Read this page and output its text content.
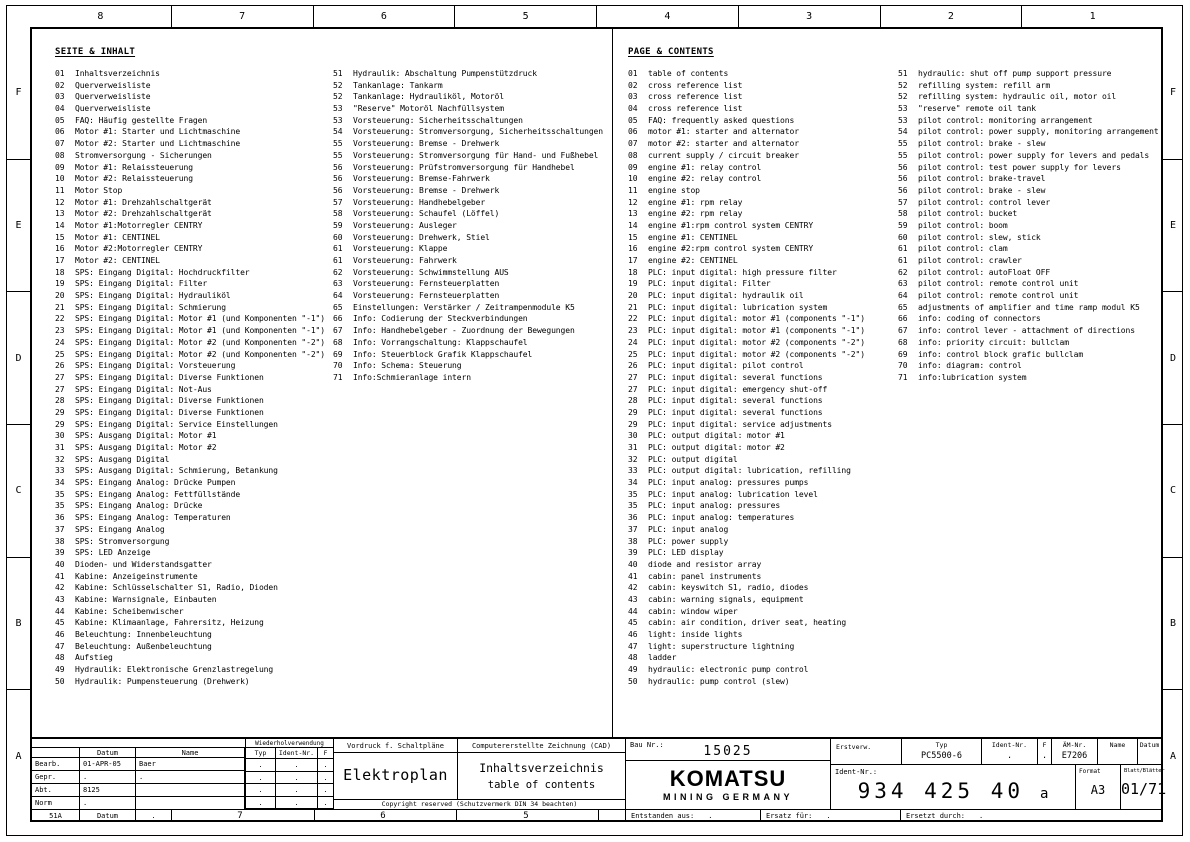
8	7	6	5	4	3	2	1
F
E
D
C
B
A
F
E
D
C
B
A
SEITE & INHALT
01	Inhaltsverzeichnis
02	Querverweisliste
03	Querverweisliste
04	Querverweisliste
05	FAQ: Häufig gestellte Fragen
06	Motor #1: Starter und Lichtmaschine
07	Motor #2: Starter und Lichtmaschine
08	Stromversorgung - Sicherungen
09	Motor #1: Relaissteuerung
10	Motor #2: Relaissteuerung
11	Motor Stop
12	Motor #1: Drehzahlschaltgerät
13	Motor #2: Drehzahlschaltgerät
14	Motor #1:Motorregler CENTRY
15	Motor #1: CENTINEL
16	Motor #2:Motorregler CENTRY
17	Motor #2: CENTINEL
18	SPS: Eingang Digital: Hochdruckfilter
19	SPS: Eingang Digital: Filter
20	SPS: Eingang Digital: Hydrauliköl
21	SPS: Eingang Digital: Schmierung
22	SPS: Eingang Digital: Motor #1 (und Komponenten "-1")
23	SPS: Eingang Digital: Motor #1 (und Komponenten "-1")
24	SPS: Eingang Digital: Motor #2 (und Komponenten "-2")
25	SPS: Eingang Digital: Motor #2 (und Komponenten "-2")
26	SPS: Eingang Digital: Vorsteuerung
27	SPS: Eingang Digital: Diverse Funktionen
27	SPS: Eingang Digital: Not-Aus
28	SPS: Eingang Digital: Diverse Funktionen
29	SPS: Eingang Digital: Diverse Funktionen
29	SPS: Eingang Digital: Service Einstellungen
30	SPS: Ausgang Digital: Motor #1
31	SPS: Ausgang Digital: Motor #2
32	SPS: Ausgang Digital
33	SPS: Ausgang Digital: Schmierung, Betankung
34	SPS: Eingang Analog: Drücke Pumpen
35	SPS: Eingang Analog: Fettfüllstände
35	SPS: Eingang Analog: Drücke
36	SPS: Eingang Analog: Temperaturen
37	SPS: Eingang Analog
38	SPS: Stromversorgung
39	SPS: LED Anzeige
40	Dioden- und Widerstandsgatter
41	Kabine: Anzeigeinstrumente
42	Kabine: Schlüsselschalter S1, Radio, Dioden
43	Kabine: Warnsignale, Einbauten
44	Kabine: Scheibenwischer
45	Kabine: Klimaanlage, Fahrersitz, Heizung
46	Beleuchtung: Innenbeleuchtung
47	Beleuchtung: Außenbeleuchtung
48	Aufstieg
49	Hydraulik: Elektronische Grenzlastregelung
50	Hydraulik: Pumpensteuerung (Drehwerk)
51	Hydraulik: Abschaltung Pumpenstützdruck
52	Tankanlage: Tankarm
52	Tankanlage: Hydrauliköl, Motoröl
53	"Reserve" Motoröl Nachfüllsystem
53	Vorsteuerung: Sicherheitsschaltungen
54	Vorsteuerung: Stromversorgung, Sicherheitsschaltungen
55	Vorsteuerung: Bremse - Drehwerk
55	Vorsteuerung: Stromversorgung für Hand- und Fußhebel
56	Vorsteuerung: Prüfstromversorgung für Handhebel
56	Vorsteuerung: Bremse-Fahrwerk
56	Vorsteuerung: Bremse - Drehwerk
57	Vorsteuerung: Handhebelgeber
58	Vorsteuerung: Schaufel (Löffel)
59	Vorsteuerung: Ausleger
60	Vorsteuerung: Drehwerk, Stiel
61	Vorsteuerung: Klappe
61	Vorsteuerung: Fahrwerk
62	Vorsteuerung: Schwimmstellung AUS
63	Vorsteuerung: Fernsteuerplatten
64	Vorsteuerung: Fernsteuerplatten
65	Einstellungen: Verstärker / Zeitrampenmodule K5
66	Info: Codierung der Steckverbindungen
67	Info: Handhebelgeber - Zuordnung der Bewegungen
68	Info: Vorrangschaltung: Klappschaufel
69	Info: Steuerblock Grafik Klappschaufel
70	Info: Schema: Steuerung
71	Info:Schmieranlage intern
PAGE & CONTENTS
01	table of contents
02	cross reference list
03	cross reference list
04	cross reference list
05	FAQ: frequently asked questions
06	motor #1: starter and alternator
07	motor #2: starter and alternator
08	current supply / circuit breaker
09	engine #1: relay control
10	engine #2: relay control
11	engine stop
12	engine #1: rpm relay
13	engine #2: rpm relay
14	engine #1:rpm control system CENTRY
15	engine #1: CENTINEL
16	engine #2:rpm control system CENTRY
17	engine #2: CENTINEL
18	PLC: input digital: high pressure filter
19	PLC: input digital: Filter
20	PLC: input digital: hydraulik oil
21	PLC: input digital: lubrication system
22	PLC: input digital: motor #1 (components "-1")
23	PLC: input digital: motor #1 (components "-1")
24	PLC: input digital: motor #2 (components "-2")
25	PLC: input digital: motor #2 (components "-2")
26	PLC: input digital: pilot control
27	PLC: input digital: several functions
27	PLC: input digital: emergency shut-off
28	PLC: input digital: several functions
29	PLC: input digital: several functions
29	PLC: input digital: service adjustments
30	PLC: output digital: motor #1
31	PLC: output digital: motor #2
32	PLC: output digital
33	PLC: output digital: lubrication, refilling
34	PLC: input analog: pressures pumps
35	PLC: input analog: lubrication level
35	PLC: input analog: pressures
36	PLC: input analog: temperatures
37	PLC: input analog
38	PLC: power supply
39	PLC: LED display
40	diode and resistor array
41	cabin: panel instruments
42	cabin: keyswitch S1, radio, diodes
43	cabin: warning signals, equipment
44	cabin: window wiper
45	cabin: air condition, driver seat, heating
46	light: inside lights
47	light: superstructure lightning
48	ladder
49	hydraulic: electronic pump control
50	hydraulic: pump control (slew)
51	hydraulic: shut off pump support pressure
52	refilling system: refill arm
52	refilling system: hydraulic oil, motor oil
53	"reserve" remote oil tank
53	pilot control: monitoring arrangement
54	pilot control: power supply, monitoring arrangement
55	pilot control: brake - slew
55	pilot control: power supply for levers and pedals
56	pilot control: test power supply for levers
56	pilot control: brake-travel
56	pilot control: brake - slew
57	pilot control: control lever
58	pilot control: bucket
59	pilot control: boom
60	pilot control: slew, stick
61	pilot control: clam
61	pilot control: crawler
62	pilot control: autoFloat OFF
63	pilot control: remote control unit
64	pilot control: remote control unit
65	adjustments of amplifier and time ramp modul K5
66	info: coding of connectors
67	info: control lever - attachment of directions
68	info: priority circuit: bullclam
69	info: control block grafic bullclam
70	info: diagram: control
71	info:lubrication system
Datum	Name
Bearb.	01-APR-05	Baer
Gepr.	.	.
Abt.	8125
Norm	.
Wiederholverwendung
Typ	Ident-Nr.	F
.	.	.
.	.	.
.	.	.
.	.	.
Vordruck f. Schaltpläne
Elektroplan
Computererstellte Zeichnung (CAD)
Inhaltsverzeichnis
table of contents
Copyright reserved (Schutzvermerk DIN 34 beachten)
Bau Nr.:	15025
KOMATSU
MINING GERMANY
Erstverw.	Typ
PC5500-6
Ident-Nr.
.
F
.
ÄM-Nr.
E7206
Name	Datum
Ident-Nr.:
934 425 40 a
Format
A3
Blatt/Blätter
01/71
51A	Datum	.	7	6	5	Entstanden aus: .	Ersatz für: .	Ersetzt durch: .
